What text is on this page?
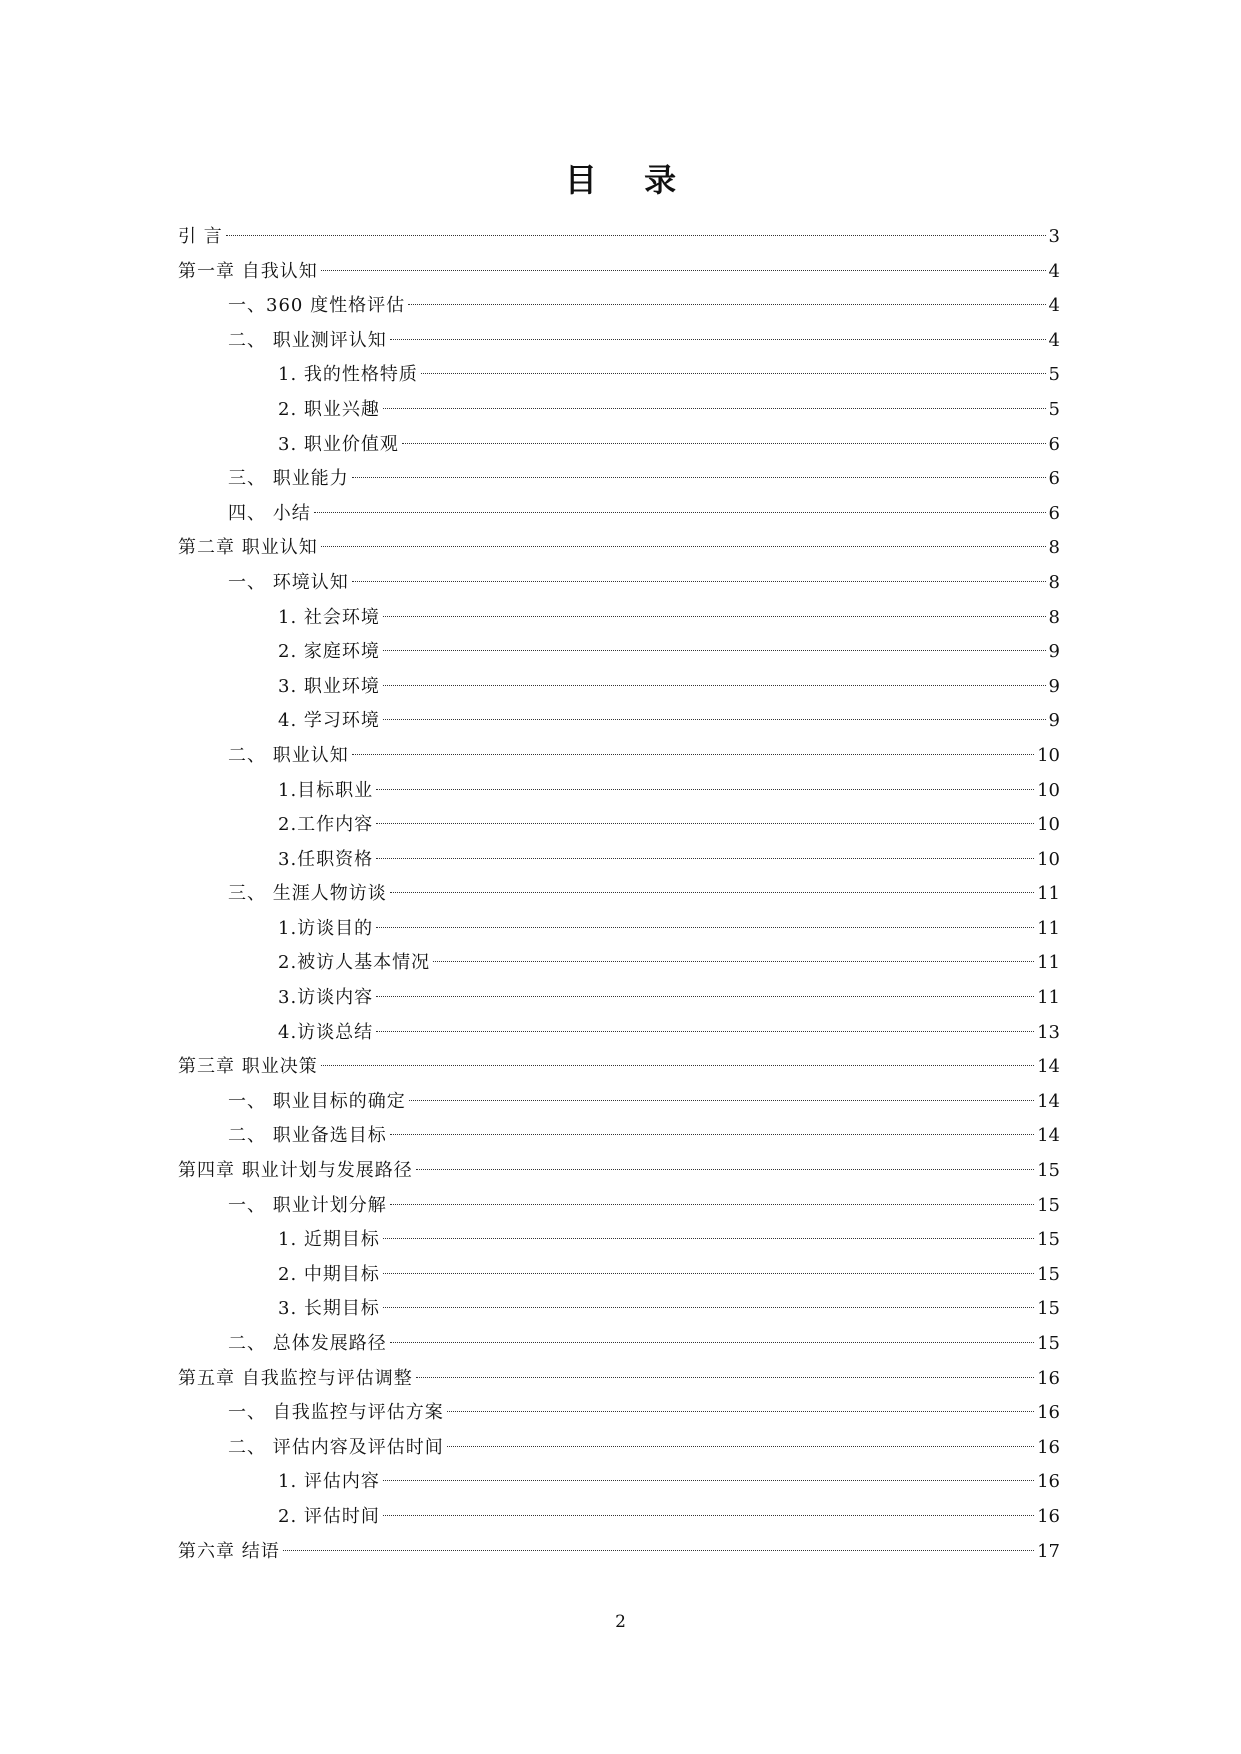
目 录
引 言	3
第一章 自我认知	4
一、360 度性格评估	4
二、 职业测评认知	4
1. 我的性格特质	5
2. 职业兴趣	5
3. 职业价值观	6
三、 职业能力	6
四、 小结	6
第二章 职业认知	8
一、 环境认知	8
1. 社会环境	8
2. 家庭环境	9
3. 职业环境	9
4. 学习环境	9
二、 职业认知	10
1.目标职业	10
2.工作内容	10
3.任职资格	10
三、 生涯人物访谈	11
1.访谈目的	11
2.被访人基本情况	11
3.访谈内容	11
4.访谈总结	13
第三章 职业决策	14
一、 职业目标的确定	14
二、 职业备选目标	14
第四章 职业计划与发展路径	15
一、 职业计划分解	15
1. 近期目标	15
2. 中期目标	15
3. 长期目标	15
二、 总体发展路径	15
第五章 自我监控与评估调整	16
一、 自我监控与评估方案	16
二、 评估内容及评估时间	16
1. 评估内容	16
2. 评估时间	16
第六章 结语	17
2
